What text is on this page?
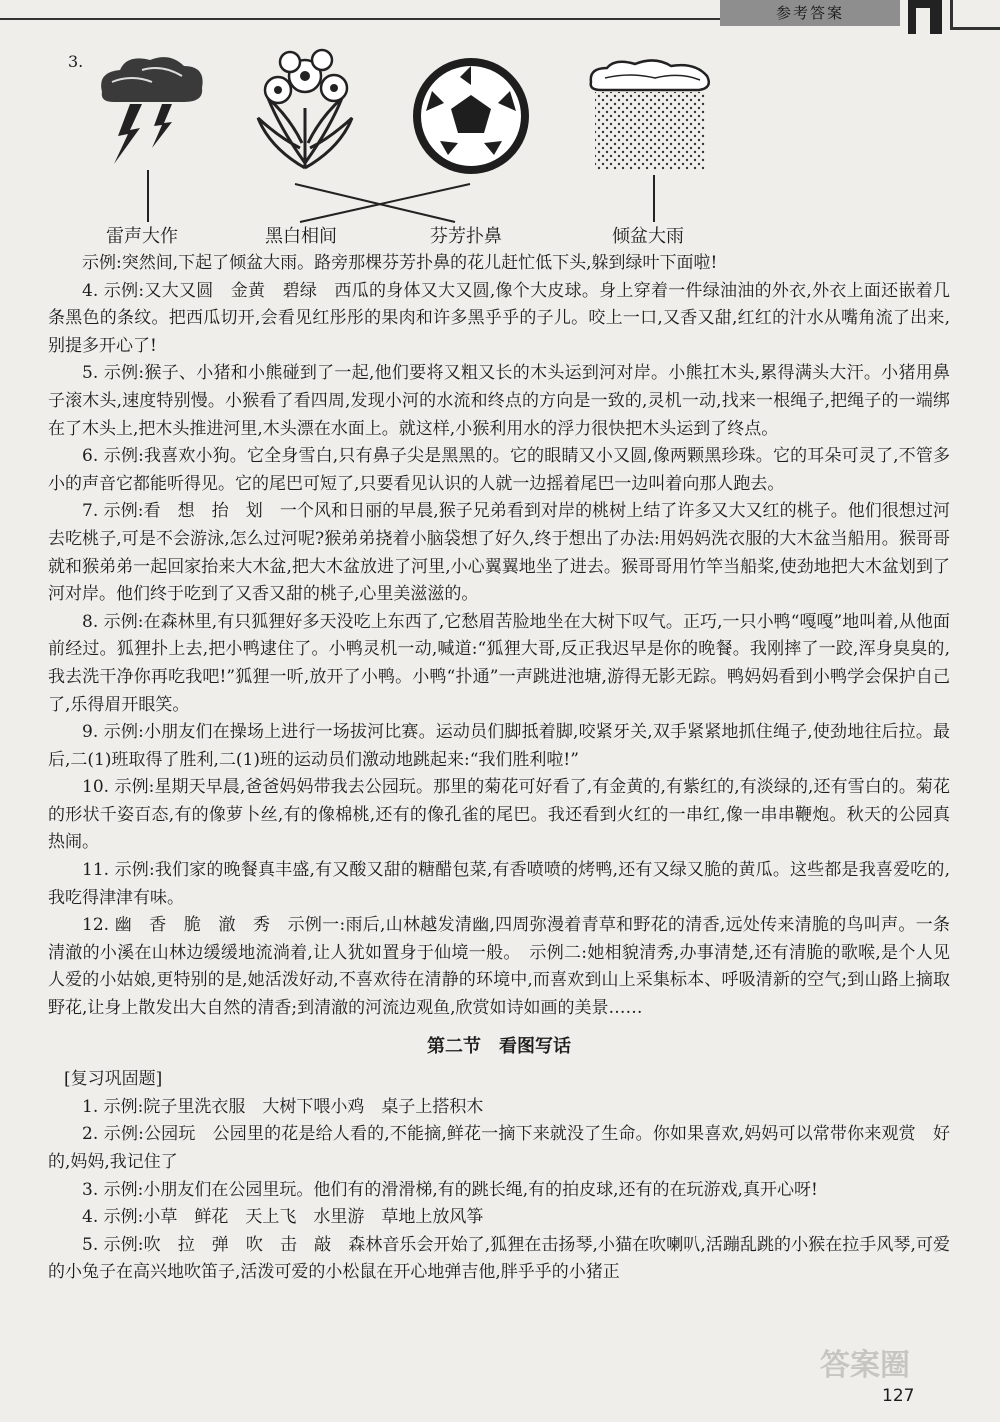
参考答案
3.
雷声大作	黑白相间	芬芳扑鼻	倾盆大雨

示例:突然间,下起了倾盆大雨。路旁那棵芬芳扑鼻的花儿赶忙低下头,躲到绿叶下面啦!

4. 示例:又大又圆　金黄　碧绿　西瓜的身体又大又圆,像个大皮球。身上穿着一件绿油油的外衣,外衣上面还嵌着几条黑色的条纹。把西瓜切开,会看见红彤彤的果肉和许多黑乎乎的子儿。咬上一口,又香又甜,红红的汁水从嘴角流了出来,别提多开心了!

5. 示例:猴子、小猪和小熊碰到了一起,他们要将又粗又长的木头运到河对岸。小熊扛木头,累得满头大汗。小猪用鼻子滚木头,速度特别慢。小猴看了看四周,发现小河的水流和终点的方向是一致的,灵机一动,找来一根绳子,把绳子的一端绑在了木头上,把木头推进河里,木头漂在水面上。就这样,小猴利用水的浮力很快把木头运到了终点。

6. 示例:我喜欢小狗。它全身雪白,只有鼻子尖是黑黑的。它的眼睛又小又圆,像两颗黑珍珠。它的耳朵可灵了,不管多小的声音它都能听得见。它的尾巴可短了,只要看见认识的人就一边摇着尾巴一边叫着向那人跑去。

7. 示例:看　想　抬　划　一个风和日丽的早晨,猴子兄弟看到对岸的桃树上结了许多又大又红的桃子。他们很想过河去吃桃子,可是不会游泳,怎么过河呢?猴弟弟挠着小脑袋想了好久,终于想出了办法:用妈妈洗衣服的大木盆当船用。猴哥哥就和猴弟弟一起回家抬来大木盆,把大木盆放进了河里,小心翼翼地坐了进去。猴哥哥用竹竿当船桨,使劲地把大木盆划到了河对岸。他们终于吃到了又香又甜的桃子,心里美滋滋的。

8. 示例:在森林里,有只狐狸好多天没吃上东西了,它愁眉苦脸地坐在大树下叹气。正巧,一只小鸭“嘎嘎”地叫着,从他面前经过。狐狸扑上去,把小鸭逮住了。小鸭灵机一动,喊道:“狐狸大哥,反正我迟早是你的晚餐。我刚摔了一跤,浑身臭臭的,我去洗干净你再吃我吧!”狐狸一听,放开了小鸭。小鸭“扑通”一声跳进池塘,游得无影无踪。鸭妈妈看到小鸭学会保护自己了,乐得眉开眼笑。

9. 示例:小朋友们在操场上进行一场拔河比赛。运动员们脚抵着脚,咬紧牙关,双手紧紧地抓住绳子,使劲地往后拉。最后,二(1)班取得了胜利,二(1)班的运动员们激动地跳起来:“我们胜利啦!”

10. 示例:星期天早晨,爸爸妈妈带我去公园玩。那里的菊花可好看了,有金黄的,有紫红的,有淡绿的,还有雪白的。菊花的形状千姿百态,有的像萝卜丝,有的像棉桃,还有的像孔雀的尾巴。我还看到火红的一串红,像一串串鞭炮。秋天的公园真热闹。

11. 示例:我们家的晚餐真丰盛,有又酸又甜的糖醋包菜,有香喷喷的烤鸭,还有又绿又脆的黄瓜。这些都是我喜爱吃的,我吃得津津有味。

12. 幽　香　脆　澈　秀　示例一:雨后,山林越发清幽,四周弥漫着青草和野花的清香,远处传来清脆的鸟叫声。一条清澈的小溪在山林边缓缓地流淌着,让人犹如置身于仙境一般。　示例二:她相貌清秀,办事清楚,还有清脆的歌喉,是个人见人爱的小姑娘,更特别的是,她活泼好动,不喜欢待在清静的环境中,而喜欢到山上采集标本、呼吸清新的空气;到山路上摘取野花,让身上散发出大自然的清香;到清澈的河流边观鱼,欣赏如诗如画的美景……

第二节　看图写话
[复习巩固题]

1. 示例:院子里洗衣服　大树下喂小鸡　桌子上搭积木

2. 示例:公园玩　公园里的花是给人看的,不能摘,鲜花一摘下来就没了生命。你如果喜欢,妈妈可以常带你来观赏　好的,妈妈,我记住了

3. 示例:小朋友们在公园里玩。他们有的滑滑梯,有的跳长绳,有的拍皮球,还有的在玩游戏,真开心呀!

4. 示例:小草　鲜花　天上飞　水里游　草地上放风筝

5. 示例:吹　拉　弹　吹　击　敲　森林音乐会开始了,狐狸在击扬琴,小猫在吹喇叭,活蹦乱跳的小猴在拉手风琴,可爱的小兔子在高兴地吹笛子,活泼可爱的小松鼠在开心地弹吉他,胖乎乎的小猪正

答案圈
127
